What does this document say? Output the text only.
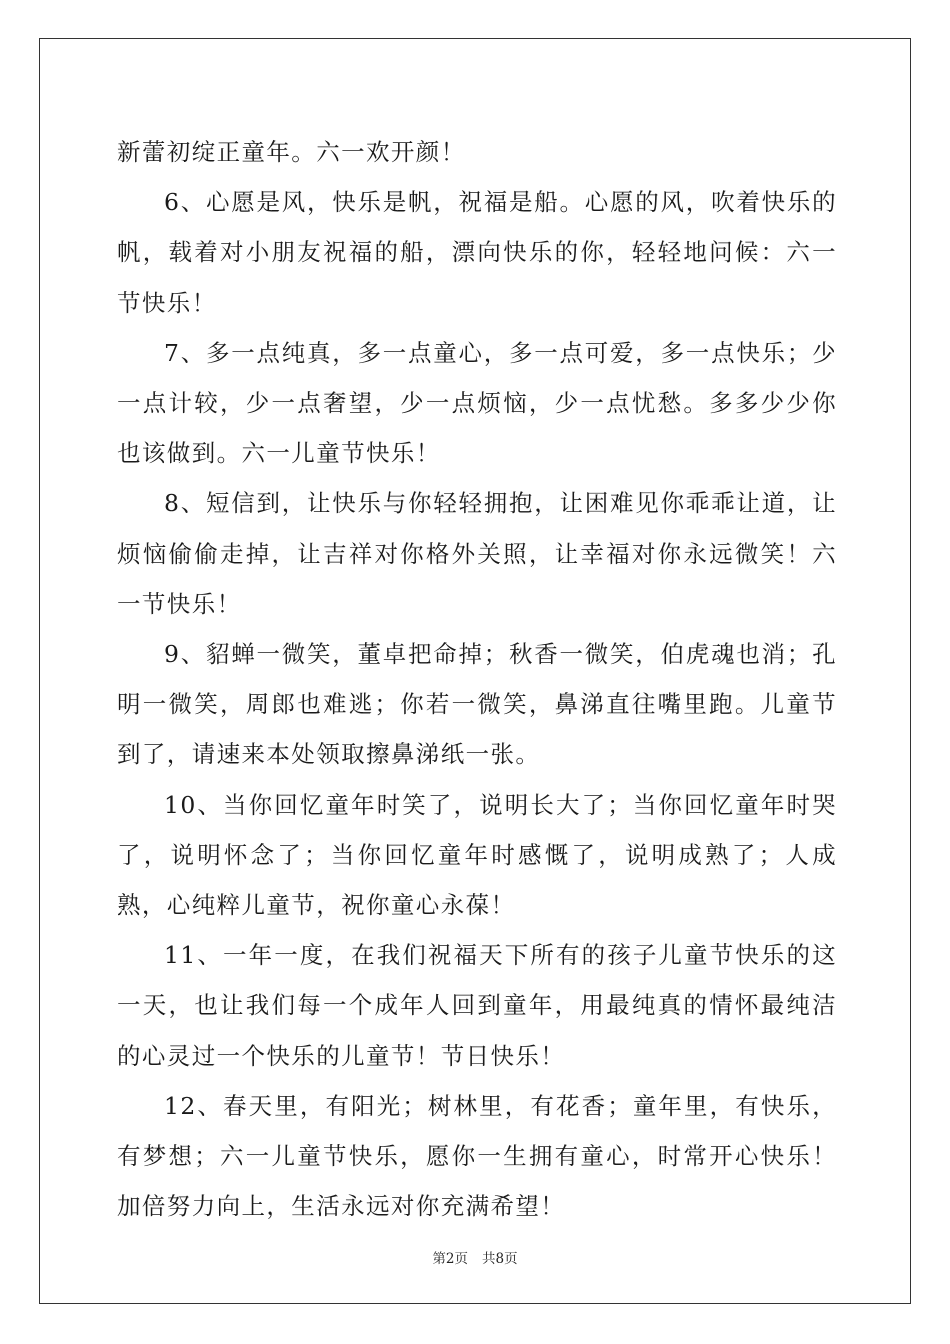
新蕾初绽正童年。六一欢开颜！

6、心愿是风，快乐是帆，祝福是船。心愿的风，吹着快乐的帆，载着对小朋友祝福的船，漂向快乐的你，轻轻地问候：六一节快乐！

7、多一点纯真，多一点童心，多一点可爱，多一点快乐；少一点计较，少一点奢望，少一点烦恼，少一点忧愁。多多少少你也该做到。六一儿童节快乐！

8、短信到，让快乐与你轻轻拥抱，让困难见你乖乖让道，让烦恼偷偷走掉，让吉祥对你格外关照，让幸福对你永远微笑！六一节快乐！

9、貂蝉一微笑，董卓把命掉；秋香一微笑，伯虎魂也消；孔明一微笑，周郎也难逃；你若一微笑，鼻涕直往嘴里跑。儿童节到了，请速来本处领取擦鼻涕纸一张。

10、当你回忆童年时笑了，说明长大了；当你回忆童年时哭了，说明怀念了；当你回忆童年时感慨了，说明成熟了；人成熟，心纯粹儿童节，祝你童心永葆！

11、一年一度，在我们祝福天下所有的孩子儿童节快乐的这一天，也让我们每一个成年人回到童年，用最纯真的情怀最纯洁的心灵过一个快乐的儿童节！节日快乐！

12、春天里，有阳光；树林里，有花香；童年里，有快乐，有梦想；六一儿童节快乐，愿你一生拥有童心，时常开心快乐！加倍努力向上，生活永远对你充满希望！

第2页 共8页
